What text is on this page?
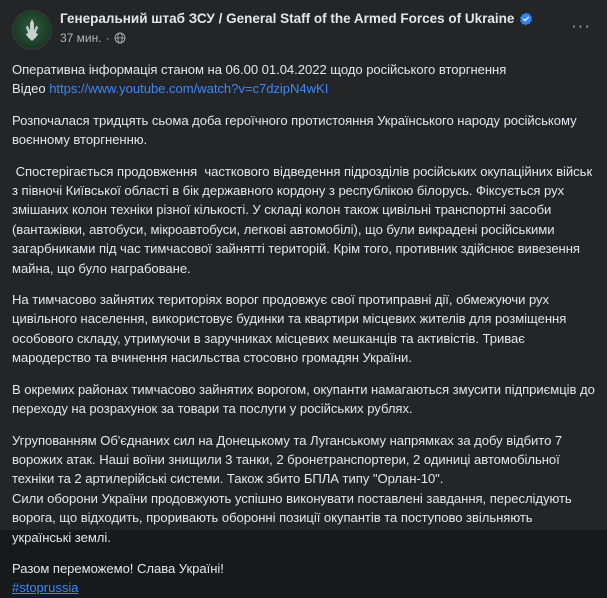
Генеральний штаб ЗСУ / General Staff of the Armed Forces of Ukraine
37 мин. ·
···
Оперативна інформація станом на 06.00 01.04.2022 щодо російського вторгнення
Відео https://www.youtube.com/watch?v=c7dzipN4wKI
Розпочалася тридцять сьома доба героїчного протистояння Українського народу російському воєнному вторгненню.
Спостерігається продовження  часткового відведення підрозділів російських окупаційних військ з півночі Київської області в бік державного кордону з республікою білорусь. Фіксується рух змішаних колон техніки різної кількості. У складі колон також цивільні транспортні засоби (вантажівки, автобуси, мікроавтобуси, легкові автомобілі), що були викрадені російськими загарбниками під час тимчасової зайнятті територій. Крім того, противник здійснює вивезення майна, що було нагpaбоване.
На тимчасово зайнятих територіях ворог продовжує свої протиправні дії, обмежуючи рух цивільного населення, використовує будинки та квартири місцевих жителів для розміщення особового складу, утримуючи в заручниках місцевих мешканців та активістів. Триває мародерство та вчинення насильства стосовно громадян України.
В окремих районах тимчасово зайнятих ворогом, окупанти намагаються змусити підприємців до переходу на розрахунок за товари та послуги у російських рублях.
Угрупованням Об'єднаних сил на Донецькому та Луганському напрямках за добу відбито 7 ворожих атак. Наші воїни знищили 3 танки, 2 бронетранспортери, 2 одиниці автомобільної техніки та 2 артилерійські системи. Також збито БПЛА типу "Орлан-10".
Сили оборони України продовжують успішно виконувати поставлені завдання, переслідують ворога, що відходить, проривають оборонні позиції окупантів та поступово звільняють українські землі.
Разом переможемо! Слава Україні!
#stoprussia
